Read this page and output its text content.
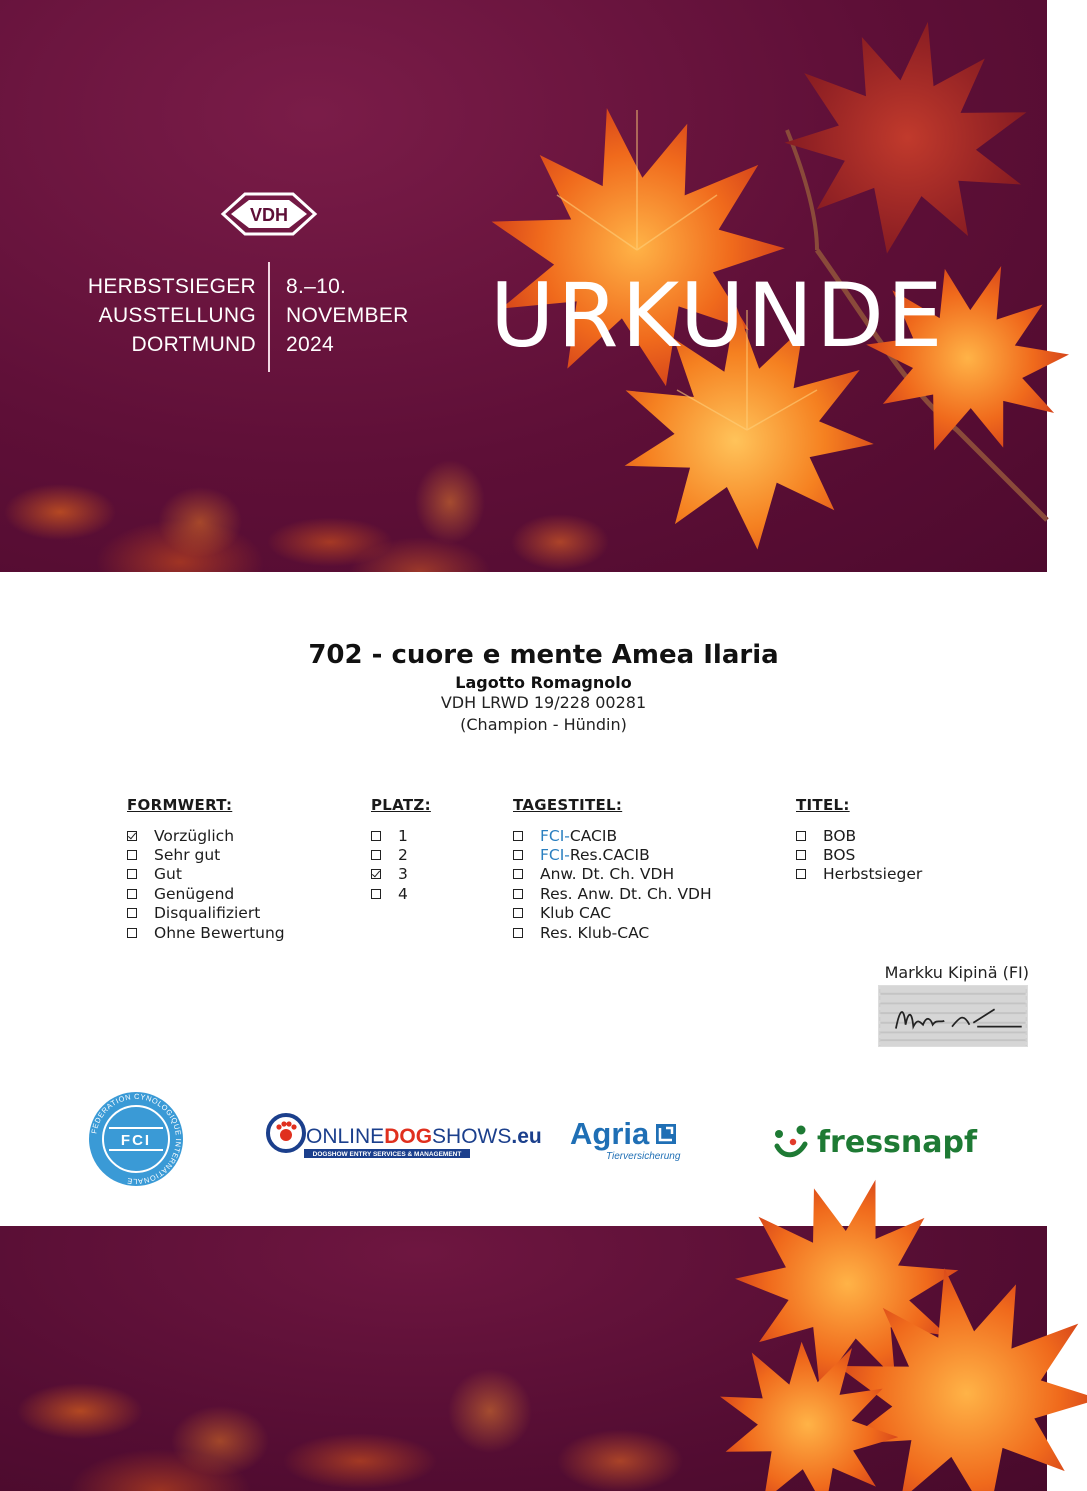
VDH
HERBSTSIEGER
AUSSTELLUNG
DORTMUND
8.–10.
NOVEMBER
2024	URKUNDE
702 - cuore e mente Amea Ilaria
Lagotto Romagnolo
VDH LRWD 19/228 00281
(Champion - Hündin)
FORMWERT:
Vorzüglich
Sehr gut
Gut
Genügend
Disqualifiziert
Ohne Bewertung
PLATZ:
1
2
3
4
TAGESTITEL:
FCI- CACIB
FCI- Res.CACIB
Anw. Dt. Ch. VDH
Res. Anw. Dt. Ch. VDH
Klub CAC
Res. Klub-CAC
TITEL:
BOB
BOS
Herbstsieger
Markku Kipinä (FI)
FEDERATION CYNOLOGIQUE INTERNATIONALE
FCI	ONLINEDOGSHOWS.eu
DOGSHOW ENTRY SERVICES & MANAGEMENT
Agria
Tierversicherung	fressnapf
